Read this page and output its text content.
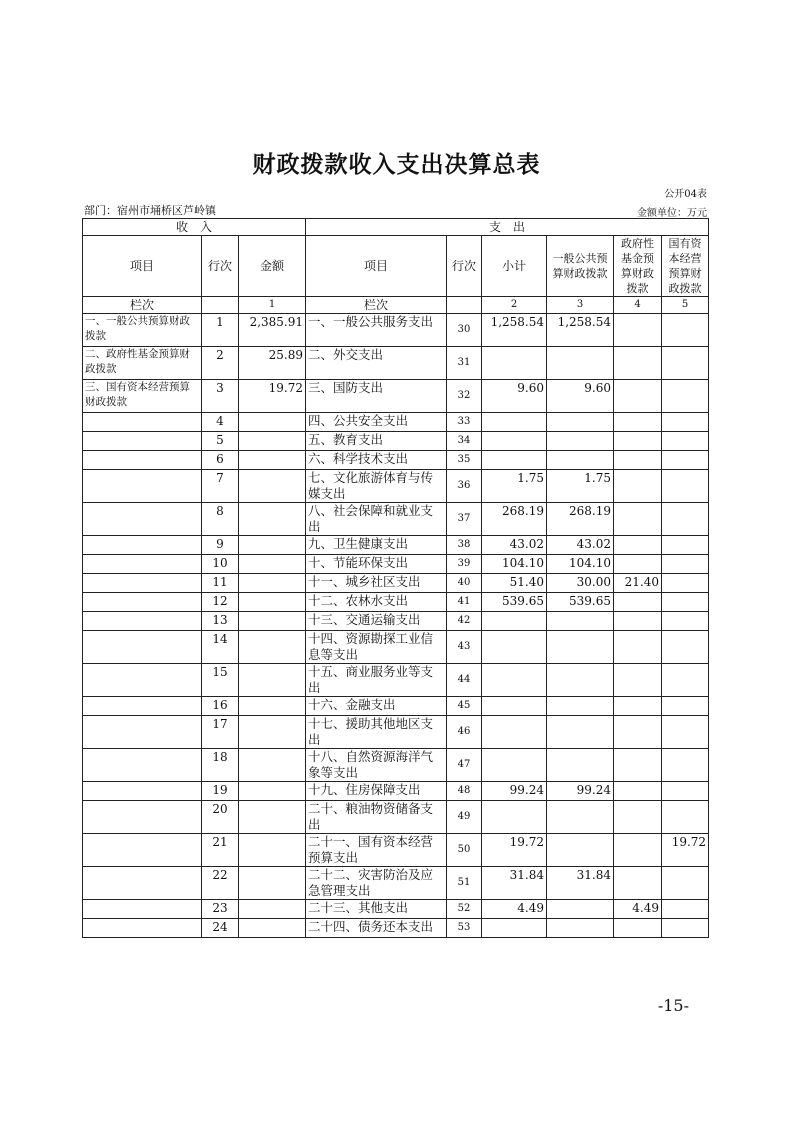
财政拨款收入支出决算总表
公开04表
部门：宿州市埇桥区芦岭镇	金额单位：万元
收　入			支　出					
项目	行次	金额	项目	行次	小计	一般公共预算财政拨款	政府性基金预算财政拨款	国有资本经营预算财政拨款
栏次		1	栏次		2	3	4	5
一、一般公共预算财政拨款	1	2,385.91	一、一般公共服务支出	30	1,258.54	1,258.54		
二、政府性基金预算财政拨款	2	25.89	二、外交支出	31				
三、国有资本经营预算财政拨款	3	19.72	三、国防支出	32	9.60	9.60		
	4		四、公共安全支出	33				
	5		五、教育支出	34				
	6		六、科学技术支出	35				
	7		七、文化旅游体育与传媒支出	36	1.75	1.75		
	8		八、社会保障和就业支出	37	268.19	268.19		
	9		九、卫生健康支出	38	43.02	43.02		
	10		十、节能环保支出	39	104.10	104.10		
	11		十一、城乡社区支出	40	51.40	30.00	21.40	
	12		十二、农林水支出	41	539.65	539.65		
	13		十三、交通运输支出	42				
	14		十四、资源勘探工业信息等支出	43				
	15		十五、商业服务业等支出	44				
	16		十六、金融支出	45				
	17		十七、援助其他地区支出	46				
	18		十八、自然资源海洋气象等支出	47				
	19		十九、住房保障支出	48	99.24	99.24		
	20		二十、粮油物资储备支出	49				
	21		二十一、国有资本经营预算支出	50	19.72			19.72
	22		二十二、灾害防治及应急管理支出	51	31.84	31.84		
	23		二十三、其他支出	52	4.49		4.49	
	24		二十四、债务还本支出	53				
-15-
